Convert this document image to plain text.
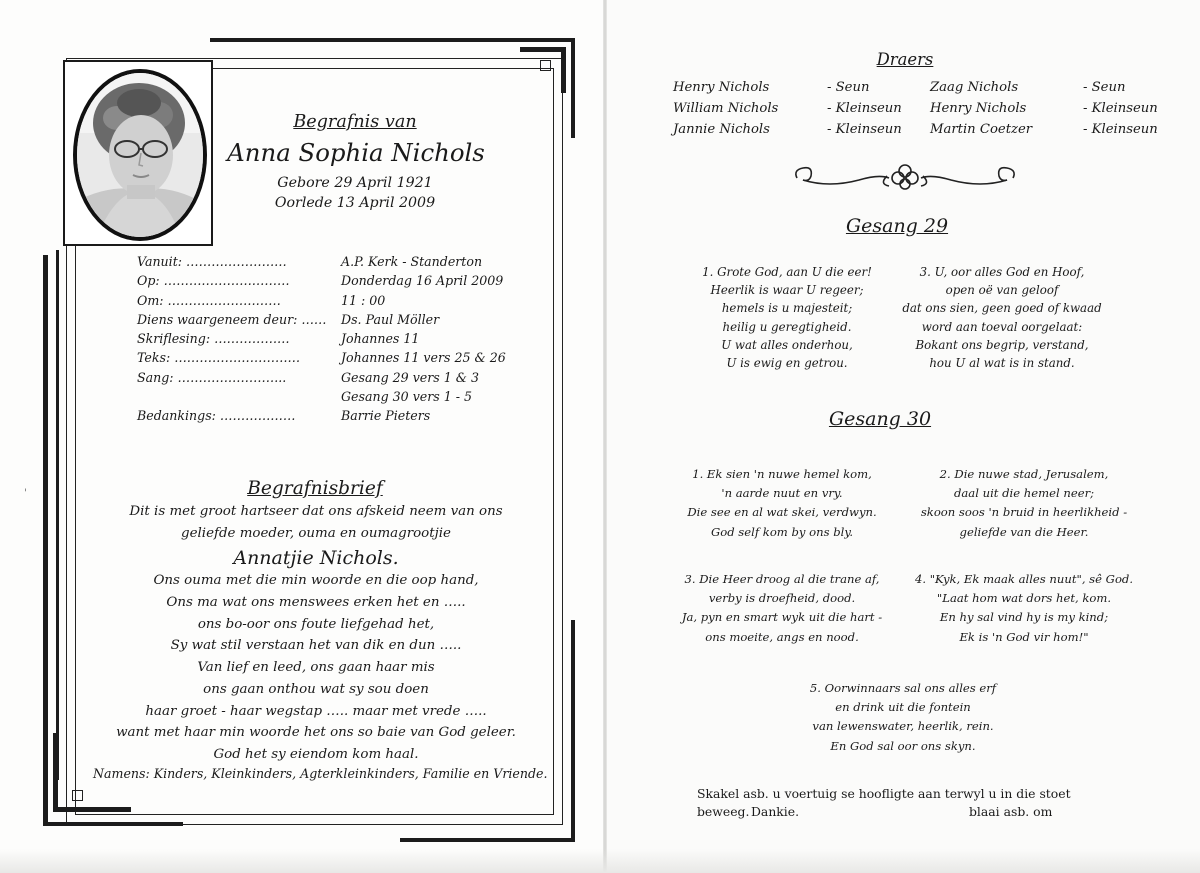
Begrafnis van
Anna Sophia Nichols
Gebore 29 April 1921
Oorlede 13 April 2009
Vanuit: ……………………	A.P. Kerk - Standerton
Op: …………………………	Donderdag 16 April 2009
Om: ………………………	11 : 00
Diens waargeneem deur: …… Ds. Paul Möller
Skriflesing: ………………	Johannes 11
Teks: …………………………	Johannes 11 vers 25 & 26
Sang: ……………………..	Gesang 29 vers 1 & 3
Gesang 30 vers 1 - 5
Bedankings: ………………	Barrie Pieters
Begrafnisbrief
Dit is met groot hartseer dat ons afskeid neem van ons
geliefde moeder, ouma en oumagrootjie
Annatjie Nichols.
Ons ouma met die min woorde en die oop hand,
Ons ma wat ons menswees erken het en …..
ons bo-oor ons foute liefgehad het,
Sy wat stil verstaan het van dik en dun …..
Van lief en leed, ons gaan haar mis
ons gaan onthou wat sy sou doen
haar groet - haar wegstap ….. maar met vrede …..
want met haar min woorde het ons so baie van God geleer.
God het sy eiendom kom haal.
Namens: Kinders, Kleinkinders, Agterkleinkinders, Familie en Vriende.
'
Draers
Henry Nichols	- Seun	Zaag Nichols	- Seun
William Nichols	- Kleinseun	Henry Nichols	- Kleinseun
Jannie Nichols	- Kleinseun	Martin Coetzer	- Kleinseun
Gesang 29
1. Grote God, aan U die eer!
Heerlik is waar U regeer;
hemels is u majesteit;
heilig u geregtigheid.
U wat alles onderhou,
U is ewig en getrou.
3. U, oor alles God en Hoof,
open oë van geloof
dat ons sien, geen goed of kwaad
word aan toeval oorgelaat:
Bokant ons begrip, verstand,
hou U al wat is in stand.
Gesang 30
1. Ek sien 'n nuwe hemel kom,
'n aarde nuut en vry.
Die see en al wat skei, verdwyn.
God self kom by ons bly.
2. Die nuwe stad, Jerusalem,
daal uit die hemel neer;
skoon soos 'n bruid in heerlikheid -
geliefde van die Heer.
3. Die Heer droog al die trane af,
verby is droefheid, dood.
Ja, pyn en smart wyk uit die hart -
ons moeite, angs en nood.
4. "Kyk, Ek maak alles nuut", sê God.
"Laat hom wat dors het, kom.
En hy sal vind hy is my kind;
Ek is 'n God vir hom!"
5. Oorwinnaars sal ons alles erf
en drink uit die fontein
van lewenswater, heerlik, rein.
En God sal oor ons skyn.
Skakel asb. u voertuig se hoofligte aan terwyl u in die stoet
beweeg. Dankie.	blaai asb. om
